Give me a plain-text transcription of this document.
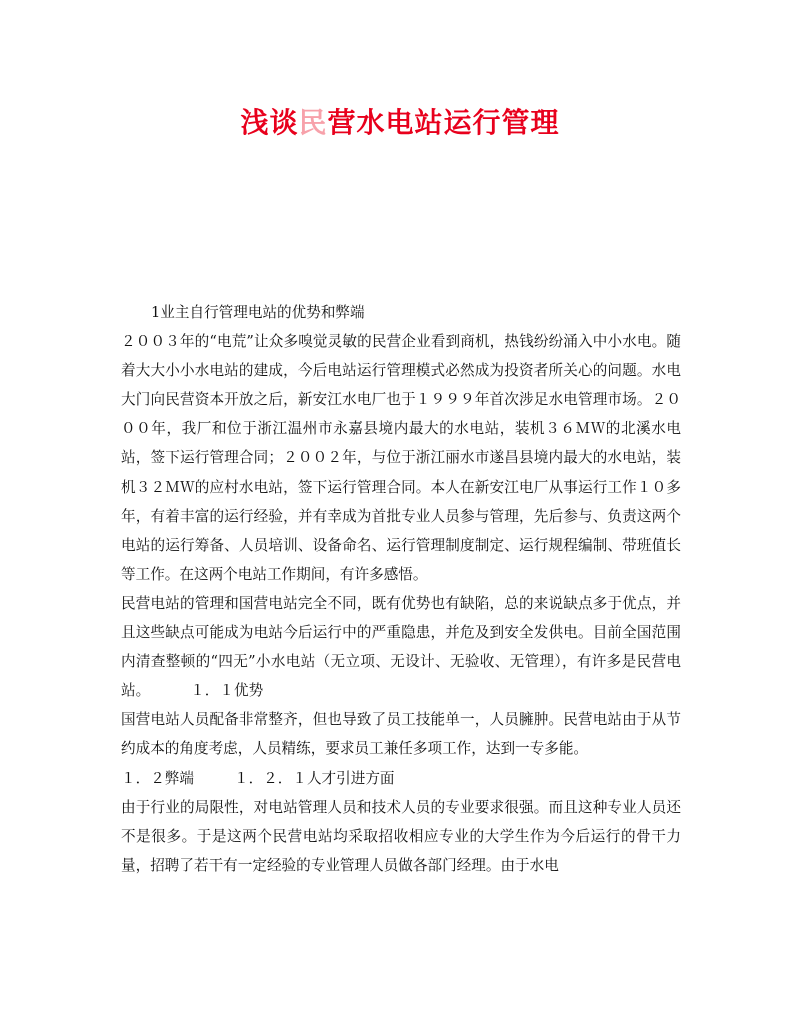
浅谈民营水电站运行管理

1业主自行管理电站的优势和弊端

２００３年的“电荒”让众多嗅觉灵敏的民营企业看到商机，热钱纷纷涌入中小水电。随着大大小小水电站的建成，今后电站运行管理模式必然成为投资者所关心的问题。水电大门向民营资本开放之后，新安江水电厂也于１９９９年首次涉足水电管理市场。２０００年，我厂和位于浙江温州市永嘉县境内最大的水电站，装机３６ＭＷ的北溪水电站，签下运行管理合同；２００２年，与位于浙江丽水市遂昌县境内最大的水电站，装机３２ＭＷ的应村水电站，签下运行管理合同。本人在新安江电厂从事运行工作１０多年，有着丰富的运行经验，并有幸成为首批专业人员参与管理，先后参与、负责这两个电站的运行筹备、人员培训、设备命名、运行管理制度制定、运行规程编制、带班值长等工作。在这两个电站工作期间，有许多感悟。

民营电站的管理和国营电站完全不同，既有优势也有缺陷，总的来说缺点多于优点，并且这些缺点可能成为电站今后运行中的严重隐患，并危及到安全发供电。目前全国范围内清查整顿的“四无”小水电站（无立项、无设计、无验收、无管理），有许多是民营电站。	１．１优势

国营电站人员配备非常整齐，但也导致了员工技能单一，人员臃肿。民营电站由于从节约成本的角度考虑，人员精练，要求员工兼任多项工作，达到一专多能。

１．２弊端	１．２．１人才引进方面

由于行业的局限性，对电站管理人员和技术人员的专业要求很强。而且这种专业人员还不是很多。于是这两个民营电站均采取招收相应专业的大学生作为今后运行的骨干力量，招聘了若干有一定经验的专业管理人员做各部门经理。由于水电
